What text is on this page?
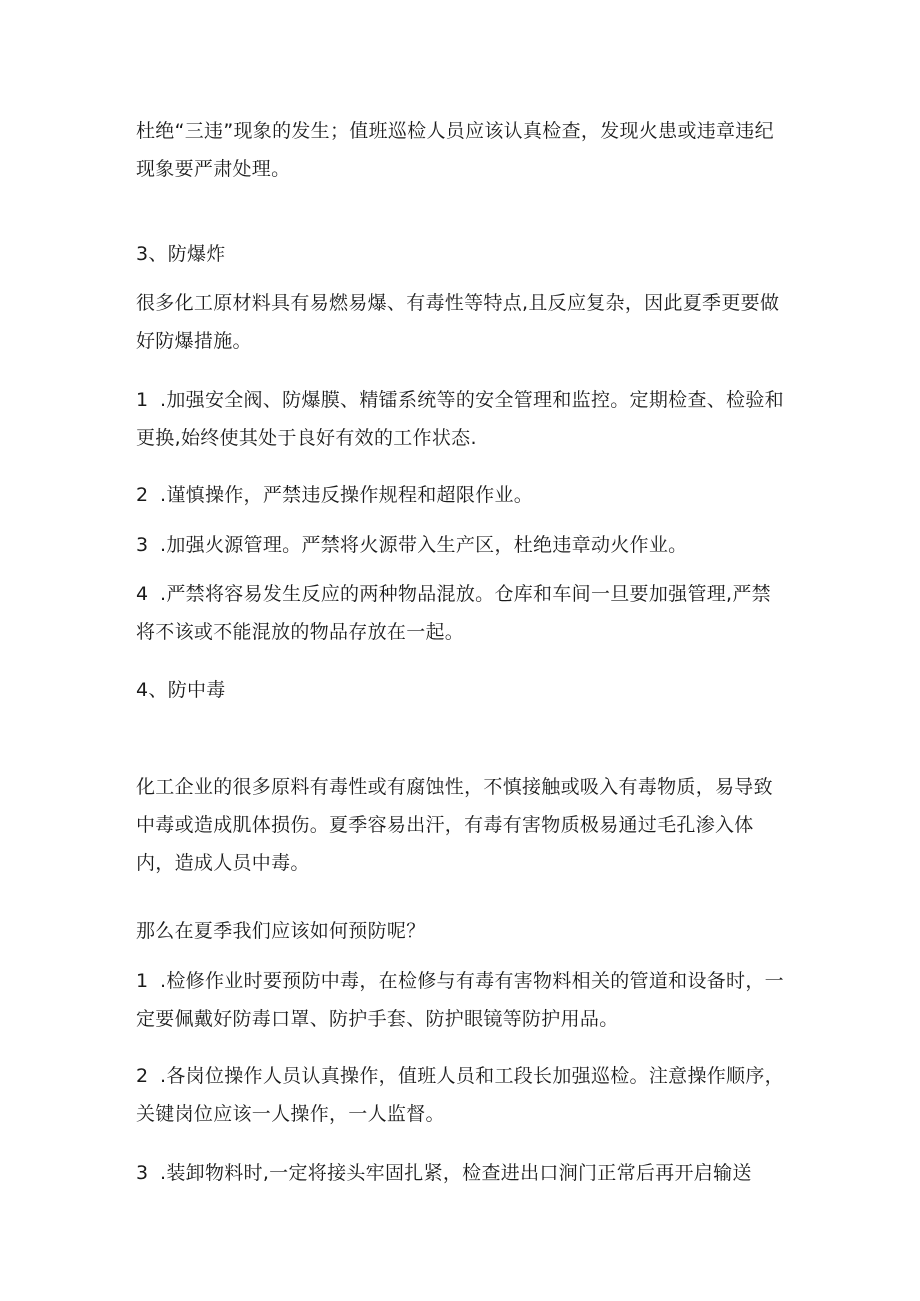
杜绝“三违”现象的发生；值班巡检人员应该认真检查，发现火患或违章违纪现象要严肃处理。

3、防爆炸

很多化工原材料具有易燃易爆、有毒性等特点,且反应复杂，因此夏季更要做好防爆措施。

1 .加强安全阀、防爆膜、精镭系统等的安全管理和监控。定期检查、检验和更换,始终使其处于良好有效的工作状态.

2 .谨慎操作，严禁违反操作规程和超限作业。

3 .加强火源管理。严禁将火源带入生产区，杜绝违章动火作业。

4 .严禁将容易发生反应的两种物品混放。仓库和车间一旦要加强管理,严禁将不该或不能混放的物品存放在一起。

4、防中毒

化工企业的很多原料有毒性或有腐蚀性，不慎接触或吸入有毒物质，易导致中毒或造成肌体损伤。夏季容易出汗，有毒有害物质极易通过毛孔渗入体内，造成人员中毒。

那么在夏季我们应该如何预防呢？

1 .检修作业时要预防中毒，在检修与有毒有害物料相关的管道和设备时，一定要佩戴好防毒口罩、防护手套、防护眼镜等防护用品。

2 .各岗位操作人员认真操作，值班人员和工段长加强巡检。注意操作顺序，关键岗位应该一人操作，一人监督。

3 .装卸物料时,一定将接头牢固扎紧，检查进出口涧门正常后再开启输送
